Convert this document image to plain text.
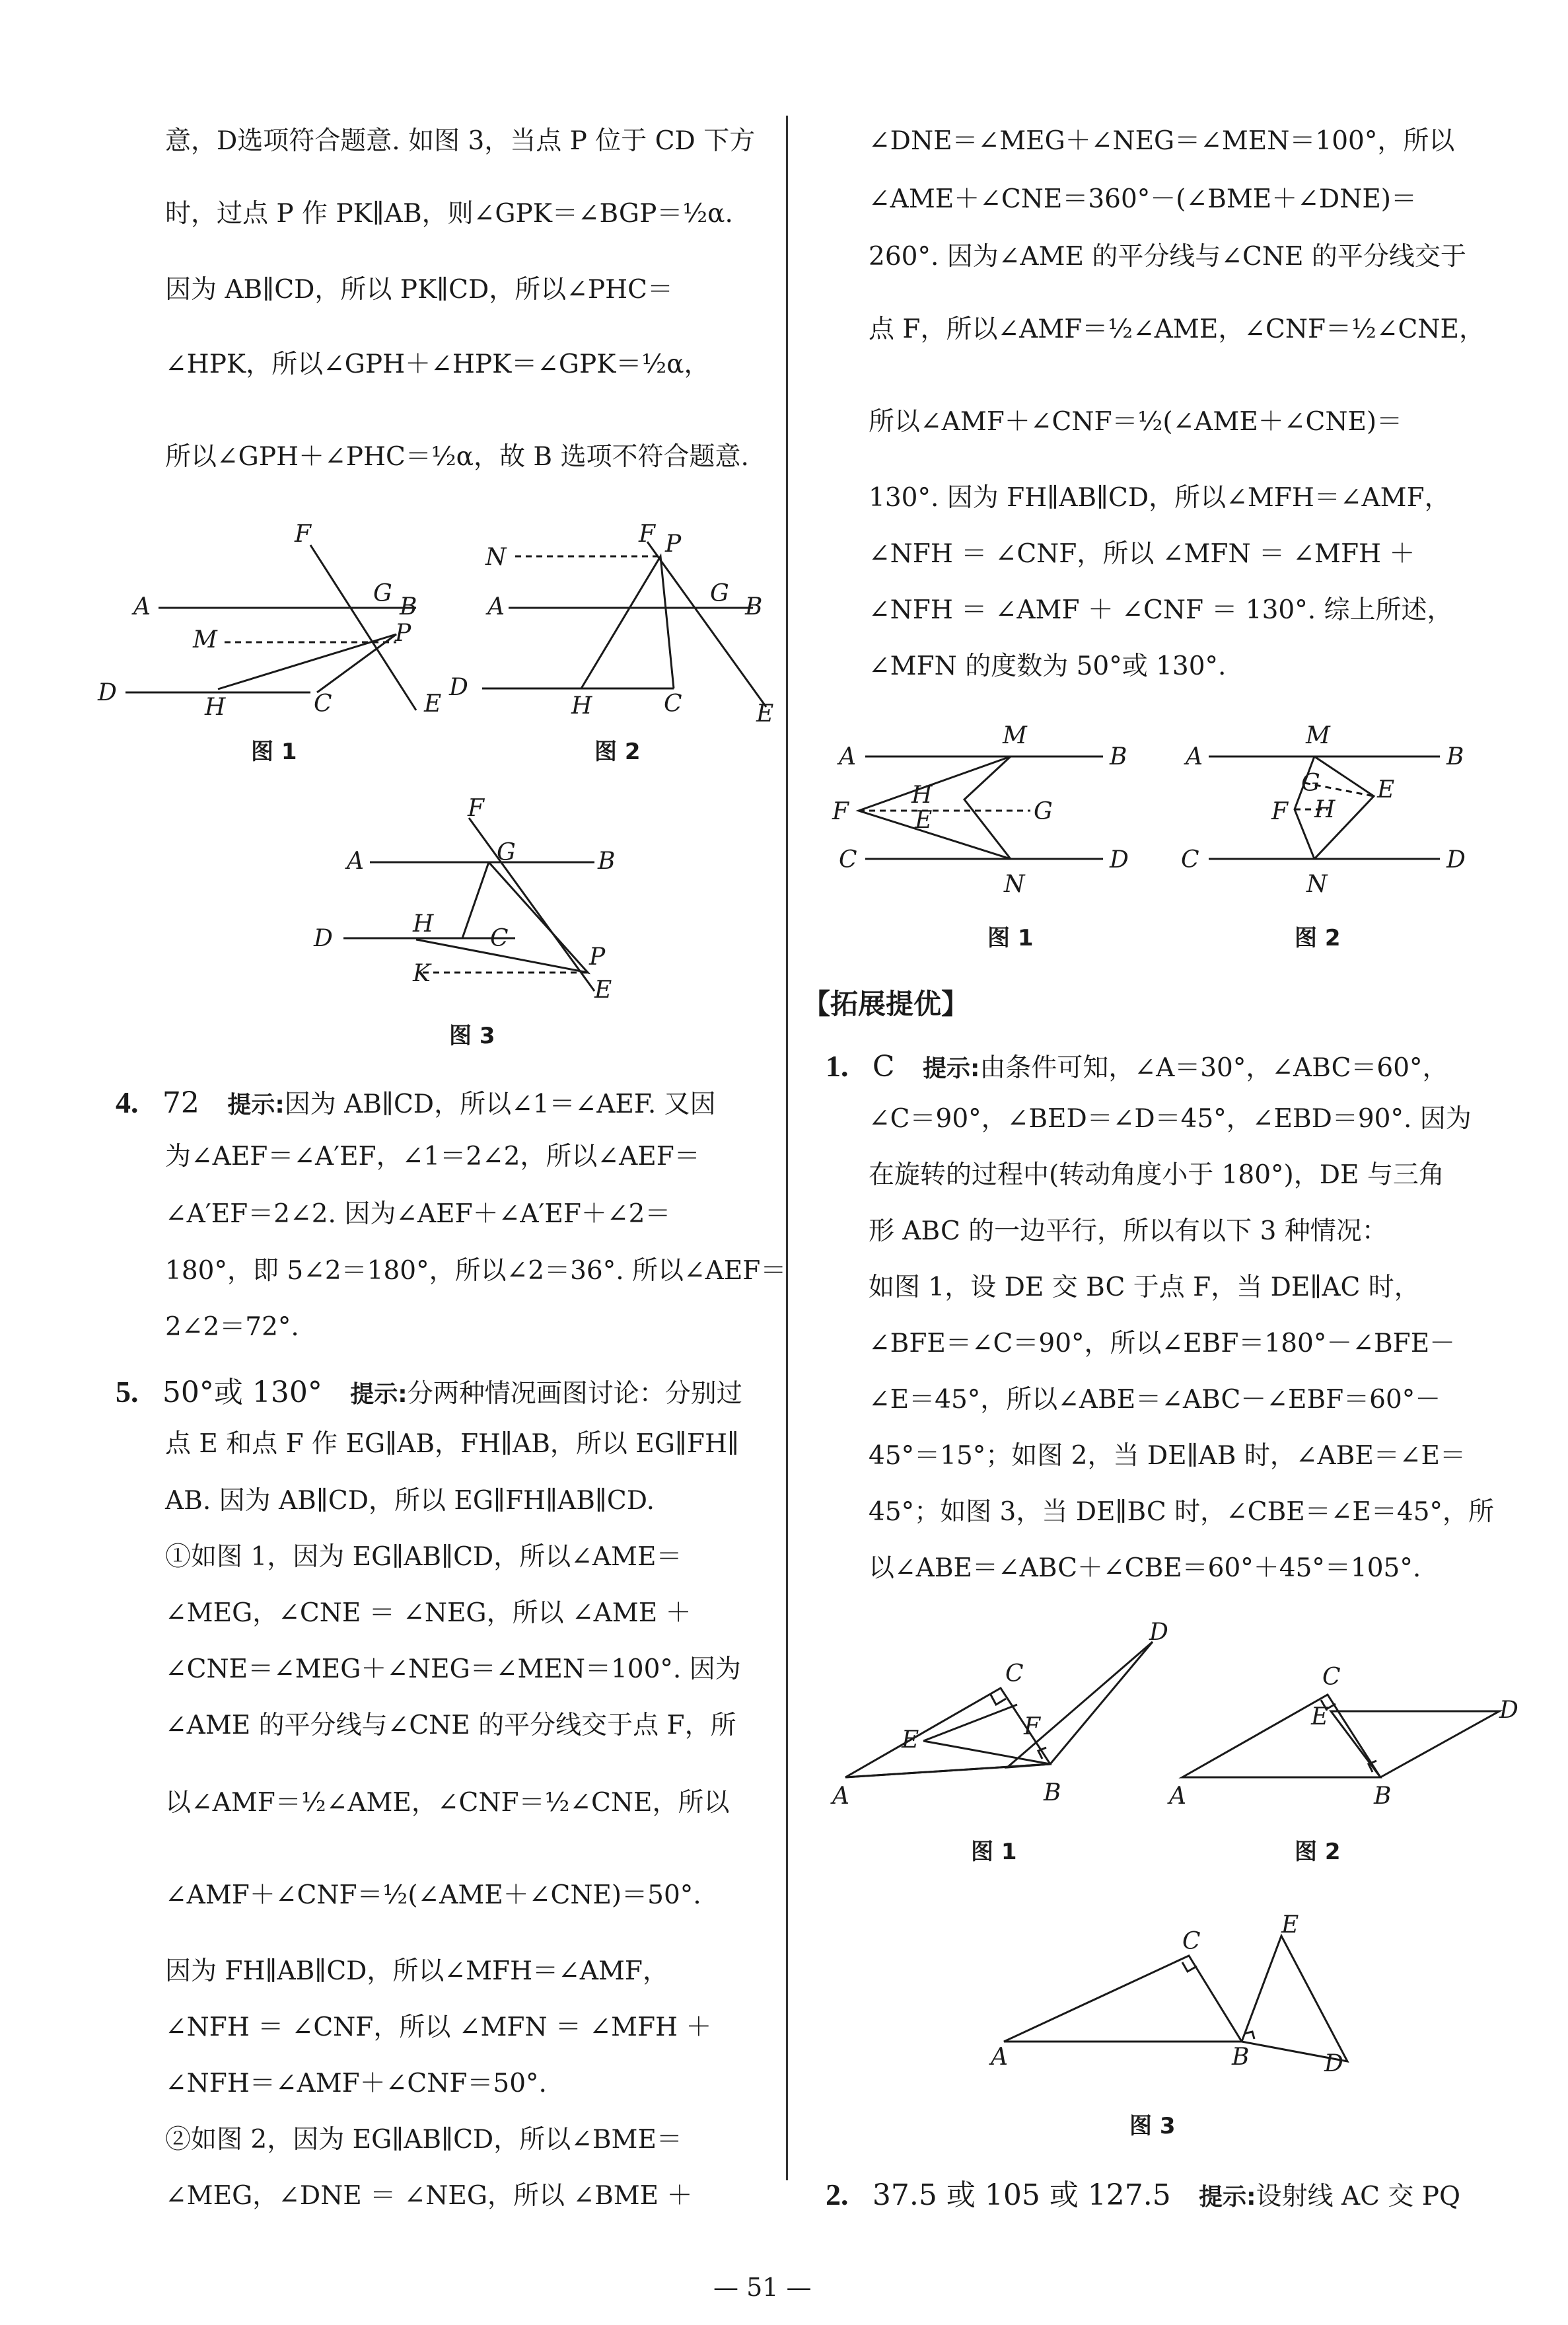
意，D选项符合题意. 如图 3，当点 P 位于 CD 下方
时，过点 P 作 PK∥AB，则∠GPK＝∠BGP＝½α.
因为 AB∥CD，所以 PK∥CD，所以∠PHC＝
∠HPK，所以∠GPH＋∠HPK＝∠GPK＝½α，
所以∠GPH＋∠PHC＝½α，故 B 选项不符合题意.
F
A	G B
M	P
D
H	C	E
图 1
N
F P
A	G B
D
H	C	E
图 2
F
A	G	B
D
H
C
P
K
E
图 3
4. 72 提示:因为 AB∥CD，所以∠1＝∠AEF. 又因
为∠AEF＝∠A′EF，∠1＝2∠2，所以∠AEF＝
∠A′EF＝2∠2. 因为∠AEF＋∠A′EF＋∠2＝
180°，即 5∠2＝180°，所以∠2＝36°. 所以∠AEF＝
2∠2＝72°.
5. 50°或 130° 提示:分两种情况画图讨论：分别过
点 E 和点 F 作 EG∥AB，FH∥AB，所以 EG∥FH∥
AB. 因为 AB∥CD，所以 EG∥FH∥AB∥CD.
①如图 1，因为 EG∥AB∥CD，所以∠AME＝
∠MEG，∠CNE ＝ ∠NEG，所以 ∠AME ＋
∠CNE＝∠MEG＋∠NEG＝∠MEN＝100°. 因为
∠AME 的平分线与∠CNE 的平分线交于点 F，所
以∠AMF＝½∠AME，∠CNF＝½∠CNE，所以
∠AMF＋∠CNF＝½(∠AME＋∠CNE)＝50°.
因为 FH∥AB∥CD，所以∠MFH＝∠AMF，
∠NFH ＝ ∠CNF，所以 ∠MFN ＝ ∠MFH ＋
∠NFH＝∠AMF＋∠CNF＝50°.
②如图 2，因为 EG∥AB∥CD，所以∠BME＝
∠MEG，∠DNE ＝ ∠NEG，所以 ∠BME ＋
∠DNE＝∠MEG＋∠NEG＝∠MEN＝100°，所以
∠AME＋∠CNE＝360°－(∠BME＋∠DNE)＝
260°. 因为∠AME 的平分线与∠CNE 的平分线交于
点 F，所以∠AMF＝½∠AME，∠CNF＝½∠CNE，
所以∠AMF＋∠CNF＝½(∠AME＋∠CNE)＝
130°. 因为 FH∥AB∥CD，所以∠MFH＝∠AMF，
∠NFH ＝ ∠CNF，所以 ∠MFN ＝ ∠MFH ＋
∠NFH ＝ ∠AMF ＋ ∠CNF ＝ 130°. 综上所述，
∠MFN 的度数为 50°或 130°.
A
M
B
H
G
F	E
C
N
D
图 1
A
M
B
G E
F H
C
N
D
图 2
【拓展提优】
1. C 提示:由条件可知，∠A＝30°，∠ABC＝60°，
∠C＝90°，∠BED＝∠D＝45°，∠EBD＝90°. 因为
在旋转的过程中(转动角度小于 180°)，DE 与三角
形 ABC 的一边平行，所以有以下 3 种情况：
如图 1，设 DE 交 BC 于点 F，当 DE∥AC 时，
∠BFE＝∠C＝90°，所以∠EBF＝180°－∠BFE－
∠E＝45°，所以∠ABE＝∠ABC－∠EBF＝60°－
45°＝15°；如图 2，当 DE∥AB 时，∠ABE＝∠E＝
45°；如图 3，当 DE∥BC 时，∠CBE＝∠E＝45°，所
以∠ABE＝∠ABC＋∠CBE＝60°＋45°＝105°.
C
D
F
E
A	B
图 1
C
E	D
A	B
图 2
C
E
A	B	D
图 3
2. 37.5 或 105 或 127.5 提示:设射线 AC 交 PQ
— 51 —
